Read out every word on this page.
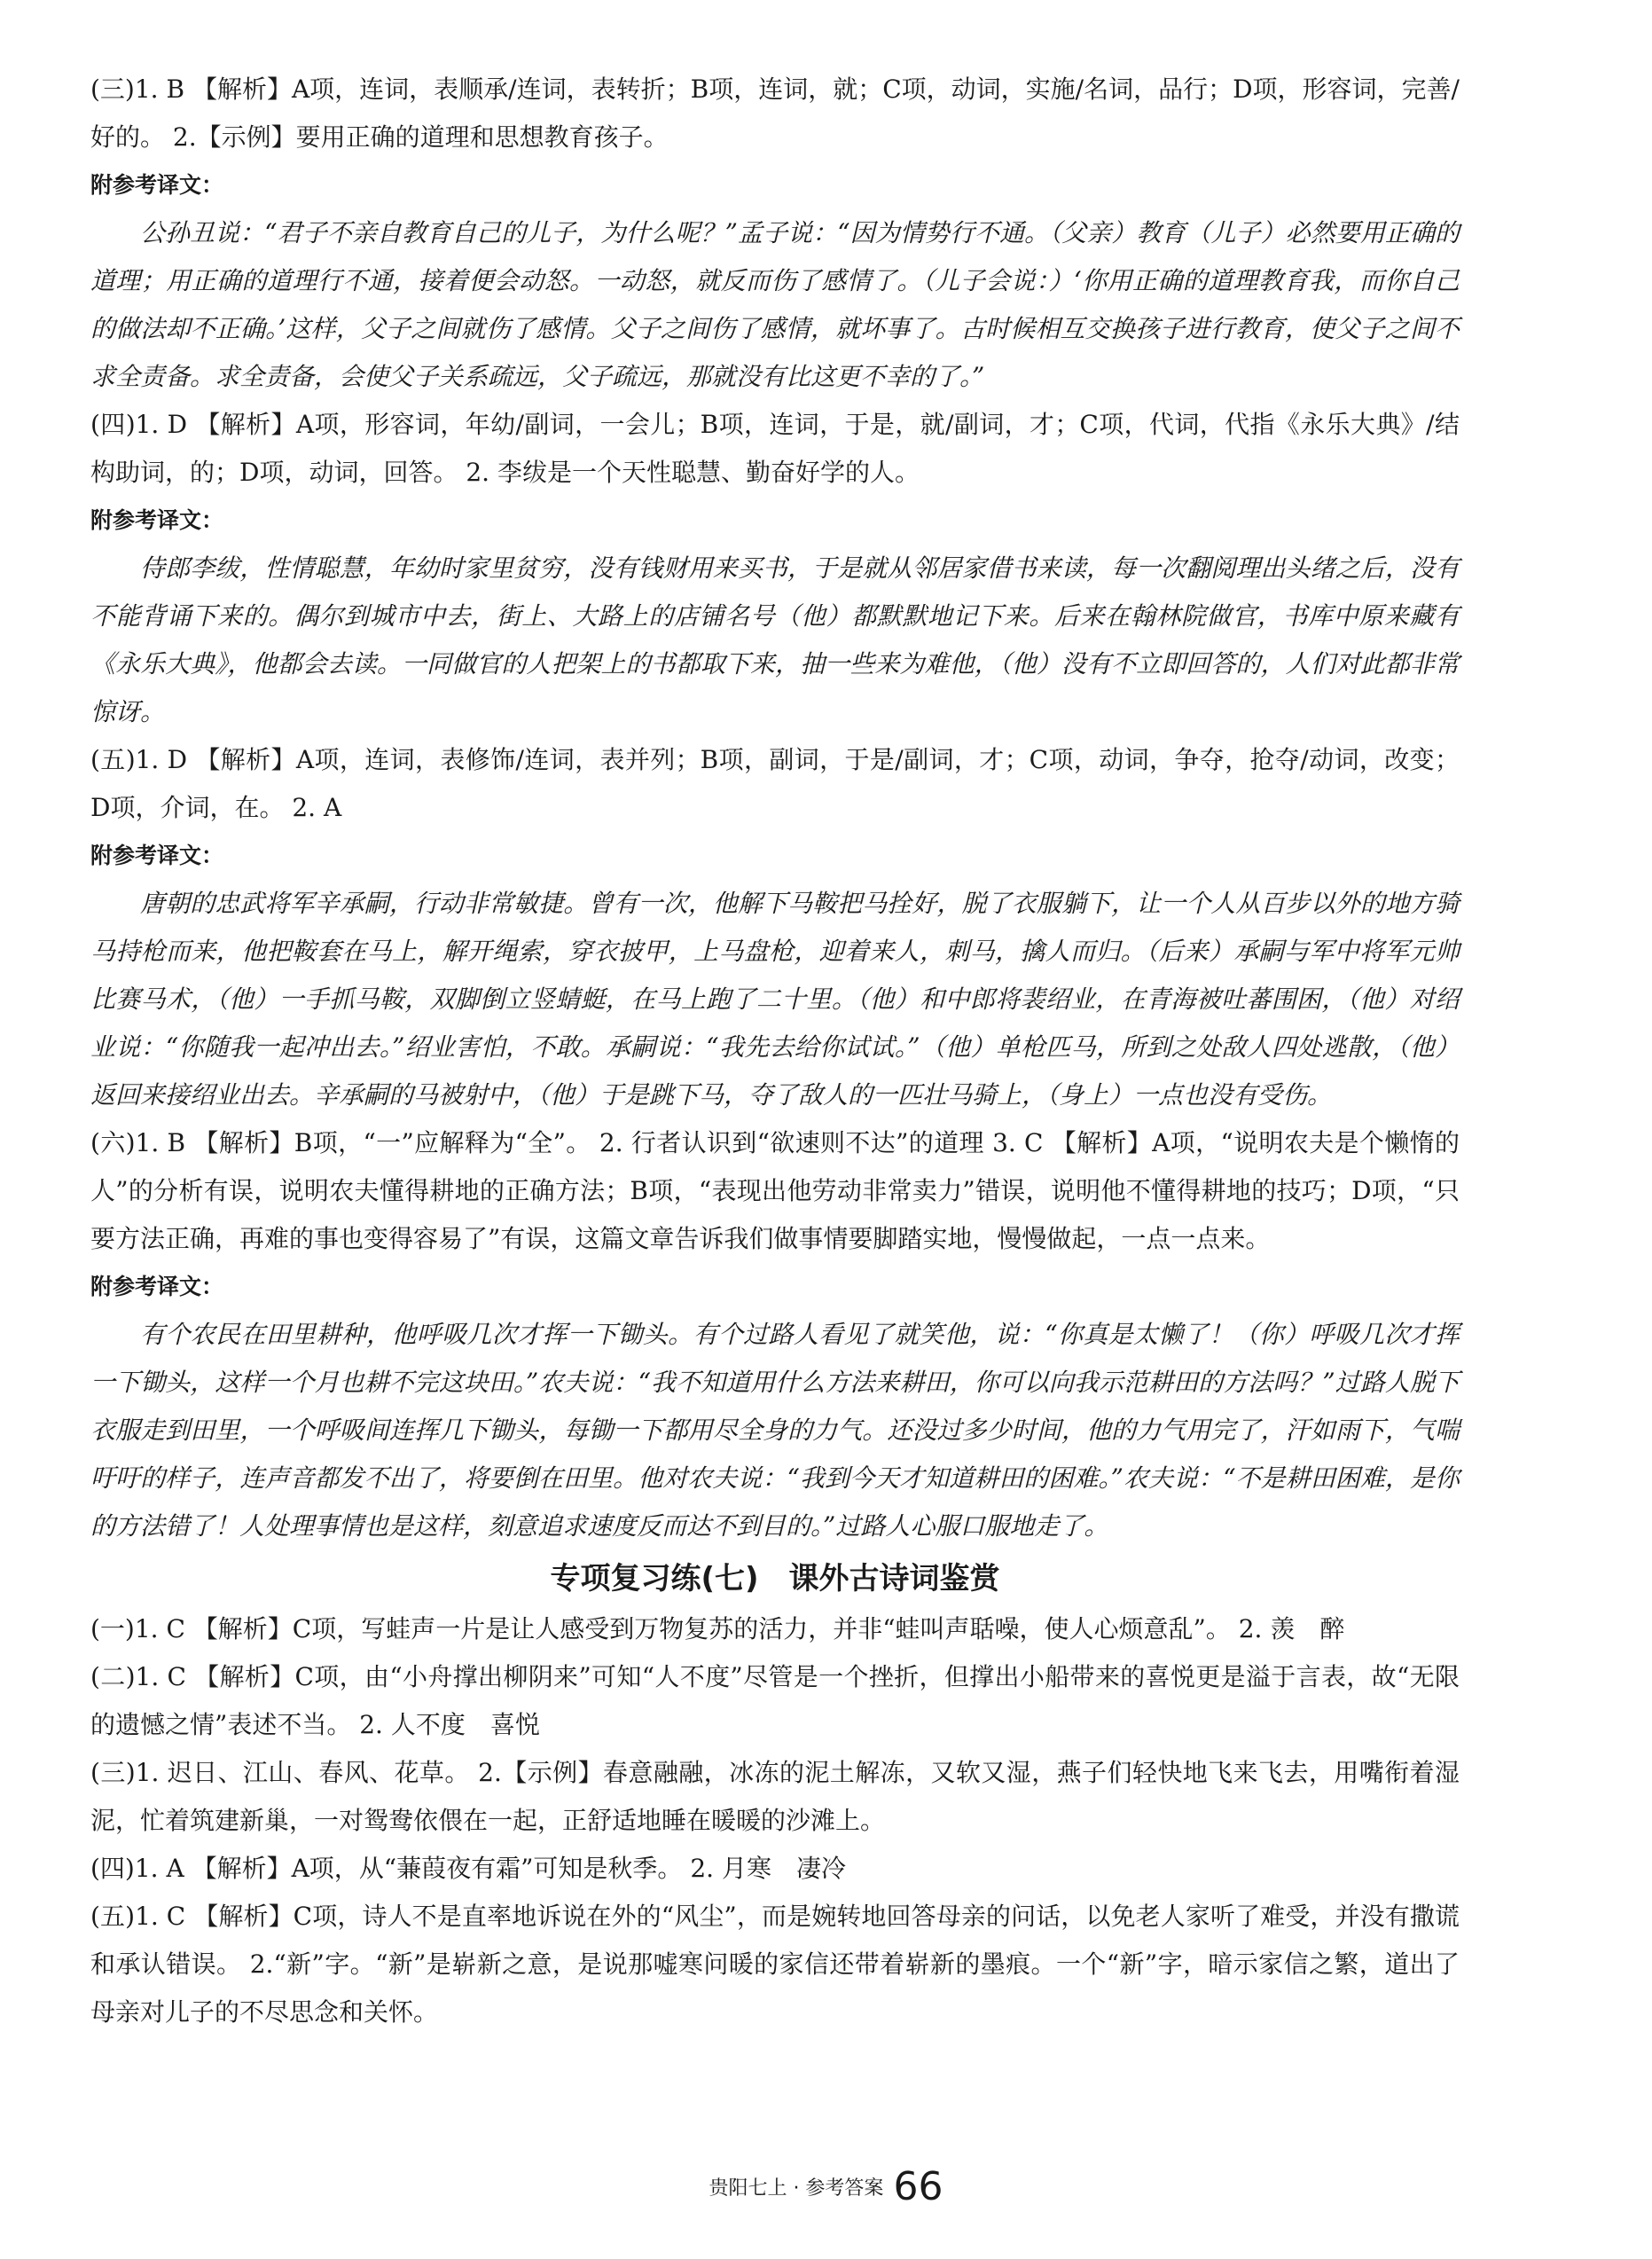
(三)1. B 【解析】A项，连词，表顺承/连词，表转折；B项，连词，就；C项，动词，实施/名词，品行；D项，形容词，完善/好的。 2.【示例】要用正确的道理和思想教育孩子。

附参考译文：

公孙丑说：“君子不亲自教育自己的儿子，为什么呢？”孟子说：“因为情势行不通。（父亲）教育（儿子）必然要用正确的道理；用正确的道理行不通，接着便会动怒。一动怒，就反而伤了感情了。（儿子会说：）‘你用正确的道理教育我，而你自己的做法却不正确。’这样，父子之间就伤了感情。父子之间伤了感情，就坏事了。古时候相互交换孩子进行教育，使父子之间不求全责备。求全责备，会使父子关系疏远，父子疏远，那就没有比这更不幸的了。”

(四)1. D 【解析】A项，形容词，年幼/副词，一会儿；B项，连词，于是，就/副词，才；C项，代词，代指《永乐大典》/结构助词，的；D项，动词，回答。 2. 李绂是一个天性聪慧、勤奋好学的人。

附参考译文：

侍郎李绂，性情聪慧，年幼时家里贫穷，没有钱财用来买书，于是就从邻居家借书来读，每一次翻阅理出头绪之后，没有不能背诵下来的。偶尔到城市中去，街上、大路上的店铺名号（他）都默默地记下来。后来在翰林院做官，书库中原来藏有《永乐大典》，他都会去读。一同做官的人把架上的书都取下来，抽一些来为难他，（他）没有不立即回答的，人们对此都非常惊讶。

(五)1. D 【解析】A项，连词，表修饰/连词，表并列；B项，副词，于是/副词，才；C项，动词，争夺，抢夺/动词，改变；D项，介词，在。 2. A

附参考译文：

唐朝的忠武将军辛承嗣，行动非常敏捷。曾有一次，他解下马鞍把马拴好，脱了衣服躺下，让一个人从百步以外的地方骑马持枪而来，他把鞍套在马上，解开绳索，穿衣披甲，上马盘枪，迎着来人，刺马，擒人而归。（后来）承嗣与军中将军元帅比赛马术，（他）一手抓马鞍，双脚倒立竖蜻蜓，在马上跑了二十里。（他）和中郎将裴绍业，在青海被吐蕃围困，（他）对绍业说：“你随我一起冲出去。”绍业害怕，不敢。承嗣说：“我先去给你试试。”（他）单枪匹马，所到之处敌人四处逃散，（他）返回来接绍业出去。辛承嗣的马被射中，（他）于是跳下马，夺了敌人的一匹壮马骑上，（身上）一点也没有受伤。

(六)1. B 【解析】B项，“一”应解释为“全”。 2. 行者认识到“欲速则不达”的道理 3. C 【解析】A项，“说明农夫是个懒惰的人”的分析有误，说明农夫懂得耕地的正确方法；B项，“表现出他劳动非常卖力”错误，说明他不懂得耕地的技巧；D项，“只要方法正确，再难的事也变得容易了”有误，这篇文章告诉我们做事情要脚踏实地，慢慢做起，一点一点来。

附参考译文：

有个农民在田里耕种，他呼吸几次才挥一下锄头。有个过路人看见了就笑他，说：“你真是太懒了！（你）呼吸几次才挥一下锄头，这样一个月也耕不完这块田。”农夫说：“我不知道用什么方法来耕田，你可以向我示范耕田的方法吗？”过路人脱下衣服走到田里，一个呼吸间连挥几下锄头，每锄一下都用尽全身的力气。还没过多少时间，他的力气用完了，汗如雨下，气喘吁吁的样子，连声音都发不出了，将要倒在田里。他对农夫说：“我到今天才知道耕田的困难。”农夫说：“不是耕田困难，是你的方法错了！人处理事情也是这样，刻意追求速度反而达不到目的。”过路人心服口服地走了。

专项复习练(七)　课外古诗词鉴赏

(一)1. C 【解析】C项，写蛙声一片是让人感受到万物复苏的活力，并非“蛙叫声聒噪，使人心烦意乱”。 2. 羡　醉

(二)1. C 【解析】C项，由“小舟撑出柳阴来”可知“人不度”尽管是一个挫折，但撑出小船带来的喜悦更是溢于言表，故“无限的遗憾之情”表述不当。 2. 人不度　喜悦

(三)1. 迟日、江山、春风、花草。 2.【示例】春意融融，冰冻的泥土解冻，又软又湿，燕子们轻快地飞来飞去，用嘴衔着湿泥，忙着筑建新巢，一对鸳鸯依偎在一起，正舒适地睡在暖暖的沙滩上。

(四)1. A 【解析】A项，从“蒹葭夜有霜”可知是秋季。 2. 月寒　凄冷

(五)1. C 【解析】C项，诗人不是直率地诉说在外的“风尘”，而是婉转地回答母亲的问话，以免老人家听了难受，并没有撒谎和承认错误。 2.“新”字。“新”是崭新之意，是说那嘘寒问暖的家信还带着崭新的墨痕。一个“新”字，暗示家信之繁，道出了母亲对儿子的不尽思念和关怀。

贵阳七上 · 参考答案 66
